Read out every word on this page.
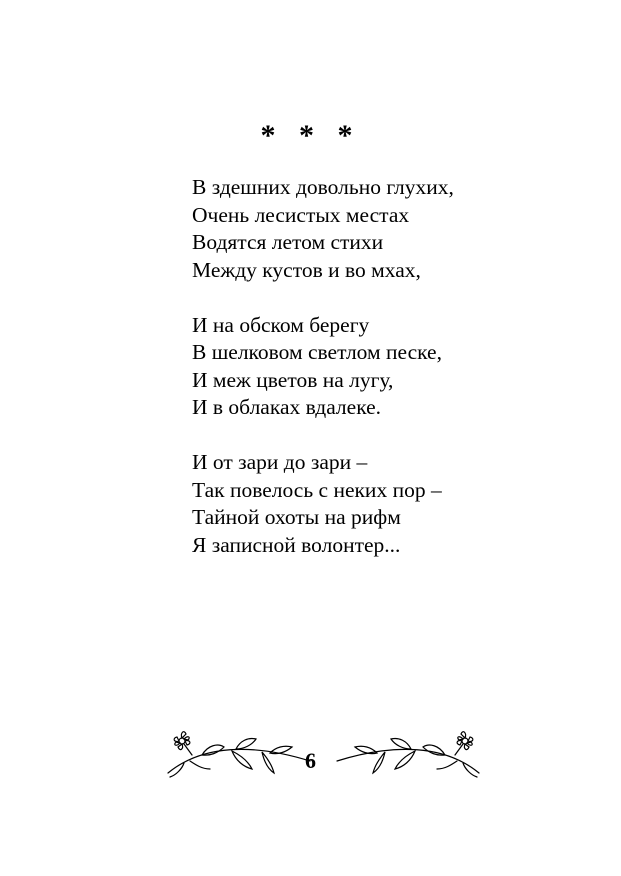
* * *
В здешних довольно глухих,
Очень лесистых местах
Водятся летом стихи
Между кустов и во мхах,
И на обском берегу
В шелковом светлом песке,
И меж цветов на лугу,
И в облаках вдалеке.
И от зари до зари –
Так повелось с неких пор –
Тайной охоты на рифм
Я записной волонтер...
6
